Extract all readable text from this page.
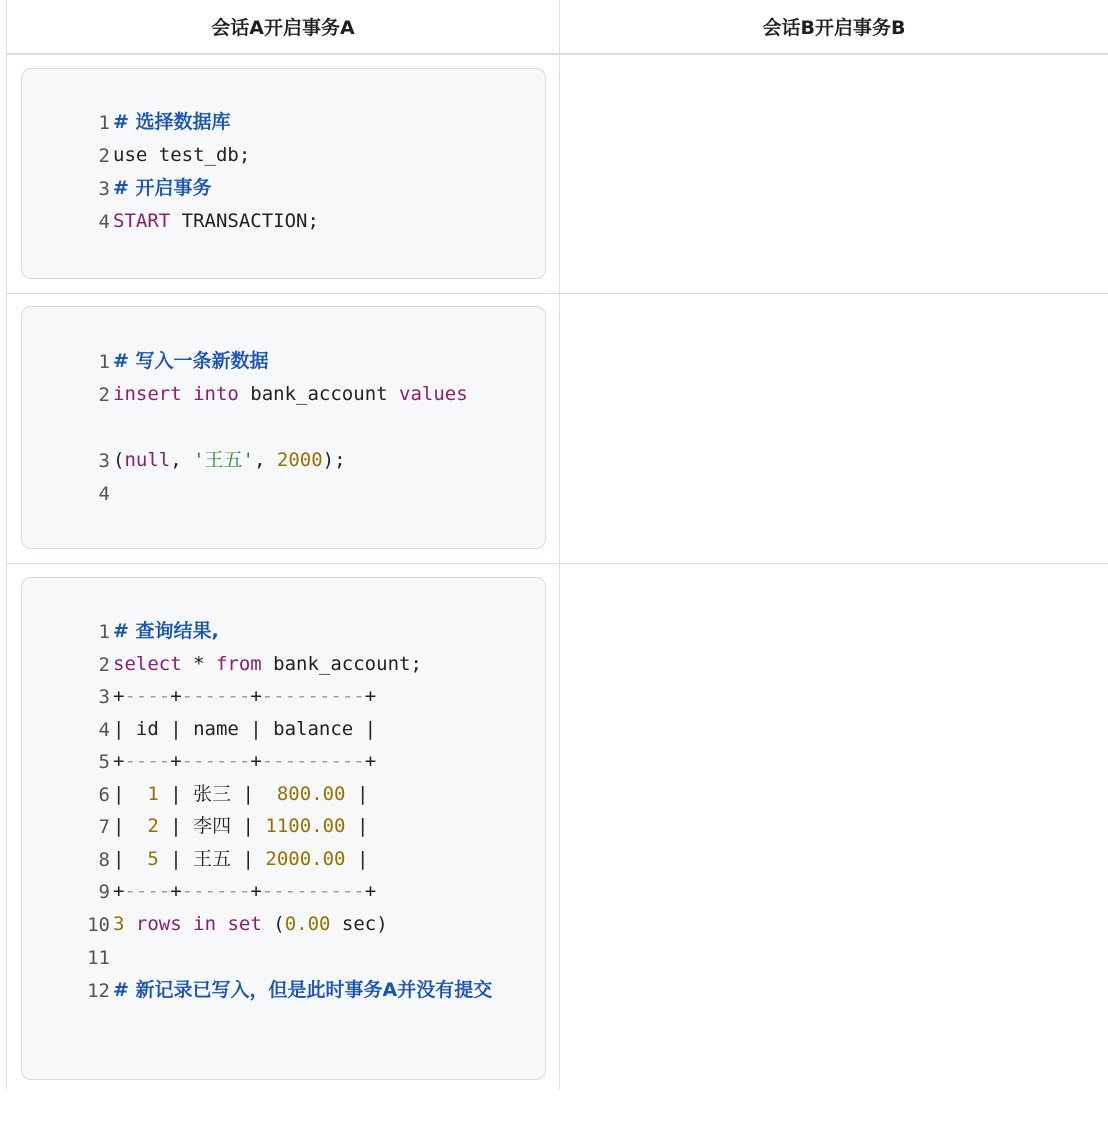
会话A开启事务A	会话B开启事务B
1 # 选择数据库
2 use test_db;
3 # 开启事务
4 START TRANSACTION;
1 # 写入一条新数据
2 insert into bank_account values
3 (null, '王五', 2000);
4
1 # 查询结果,
2 select * from bank_account;
3 +----+------+---------+
4 | id | name | balance |
5 +----+------+---------+
6 |  1 | 张三 |  800.00 |
7 |  2 | 李四 | 1100.00 |
8 |  5 | 王五 | 2000.00 |
9 +----+------+---------+
10 3 rows in set (0.00 sec)
11
12 # 新记录已写入，但是此时事务A并没有提交
